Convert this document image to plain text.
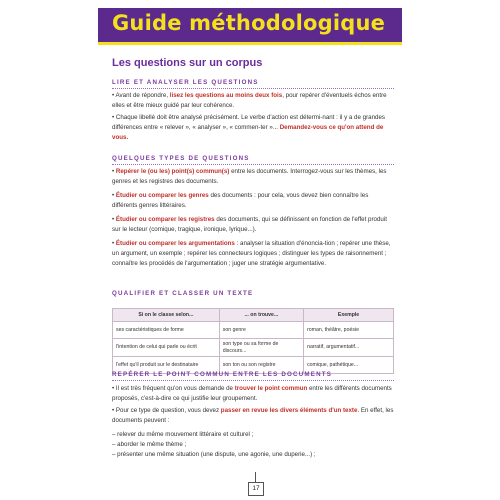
Guide méthodologique
Les questions sur un corpus
LIRE ET ANALYSER LES QUESTIONS
• Avant de répondre, lisez les questions au moins deux fois, pour repérer d'éventuels échos entre elles et être mieux guidé par leur cohérence.
• Chaque libellé doit être analysé précisément. Le verbe d'action est détermi-nant : il y a de grandes différences entre « relever », « analyser », « commen-ter »... Demandez-vous ce qu'on attend de vous.
QUELQUES TYPES DE QUESTIONS
• Repérer le (ou les) point(s) commun(s) entre les documents. Interrogez-vous sur les thèmes, les genres et les registres des documents.
• Étudier ou comparer les genres des documents : pour cela, vous devez bien connaître les différents genres littéraires.
• Étudier ou comparer les registres des documents, qui se définissent en fonction de l'effet produit sur le lecteur (comique, tragique, ironique, lyrique...).
• Étudier ou comparer les argumentations : analyser la situation d'énoncia-tion ; repérer une thèse, un argument, un exemple ; repérer les connecteurs logiques ; distinguer les types de raisonnement ; connaître les procédés de l'argumentation ; juger une stratégie argumentative.
QUALIFIER ET CLASSER UN TEXTE
Si on le classe selon...	... on trouve...	Exemple
ses caractéristiques de forme	son genre	roman, théâtre, poésie
l'intention de celui qui parle ou écrit	son type ou sa forme de discours...	narratif, argumentatif...
l'effet qu'il produit sur le destinataire	son ton ou son registre	comique, pathétique...
REPÉRER LE POINT COMMUN ENTRE LES DOCUMENTS
• Il est très fréquent qu'on vous demande de trouver le point commun entre les différents documents proposés, c'est-à-dire ce qui justifie leur groupement.
• Pour ce type de question, vous devez passer en revue les divers éléments d'un texte. En effet, les documents peuvent :
– relever du même mouvement littéraire et culturel ;
– aborder le même thème ;
– présenter une même situation (une dispute, une agonie, une duperie...) ;
17
